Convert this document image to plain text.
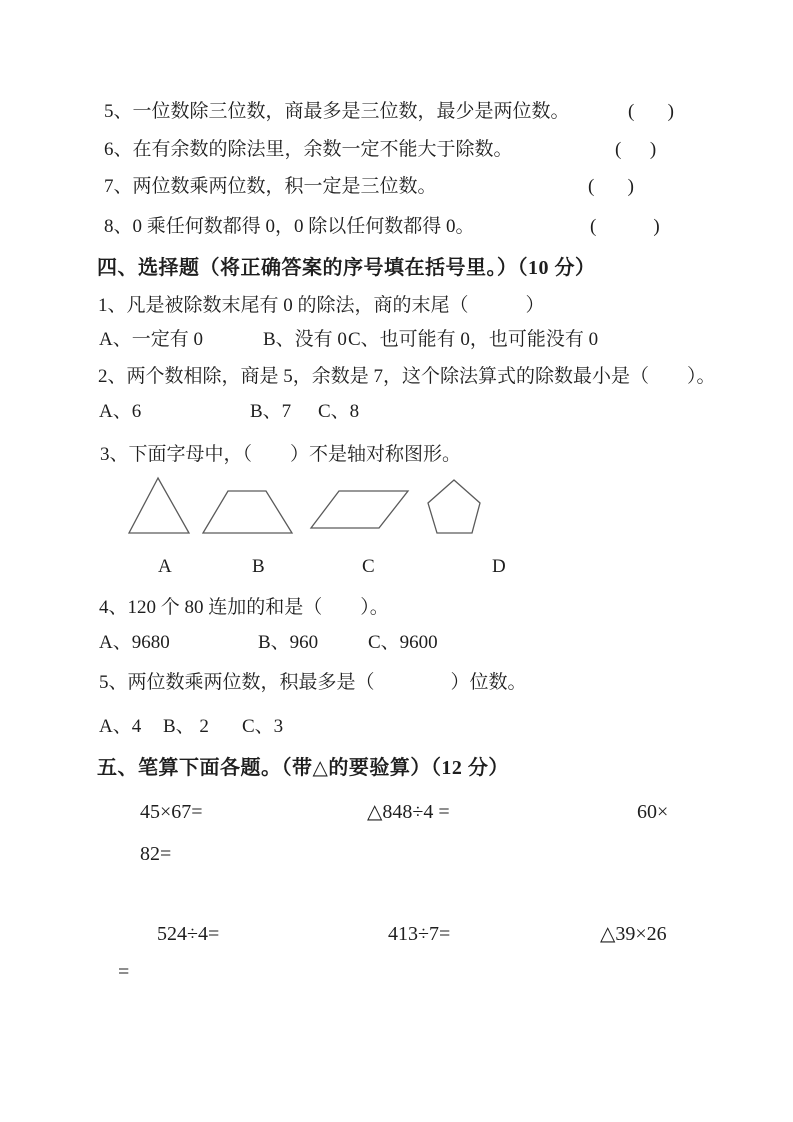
5、一位数除三位数，商最多是三位数，最少是两位数。	(       )
6、在有余数的除法里，余数一定不能大于除数。	(      )
7、两位数乘两位数，积一定是三位数。	(       )
8、0 乘任何数都得 0，0 除以任何数都得 0。	(            )
四、选择题（将正确答案的序号填在括号里。）（10 分）
1、凡是被除数末尾有 0 的除法，商的末尾（　　　）
A、一定有 0	B、没有 0 C、也可能有 0，也可能没有 0
2、两个数相除，商是 5，余数是 7，这个除法算式的除数最小是（　　）。
A、6	B、7 C、8
3、下面字母中，（　　）不是轴对称图形。
A	B	C	D
4、120 个 80 连加的和是（　　）。
A、9680	B、960	C、9600
5、两位数乘两位数，积最多是（　　　　）位数。
A、4 B、 2 C、3
五、笔算下面各题。（带△的要验算）（12 分）
45×67=	△848÷4 =	60×
82=
524÷4=	413÷7=	△39×26
=
